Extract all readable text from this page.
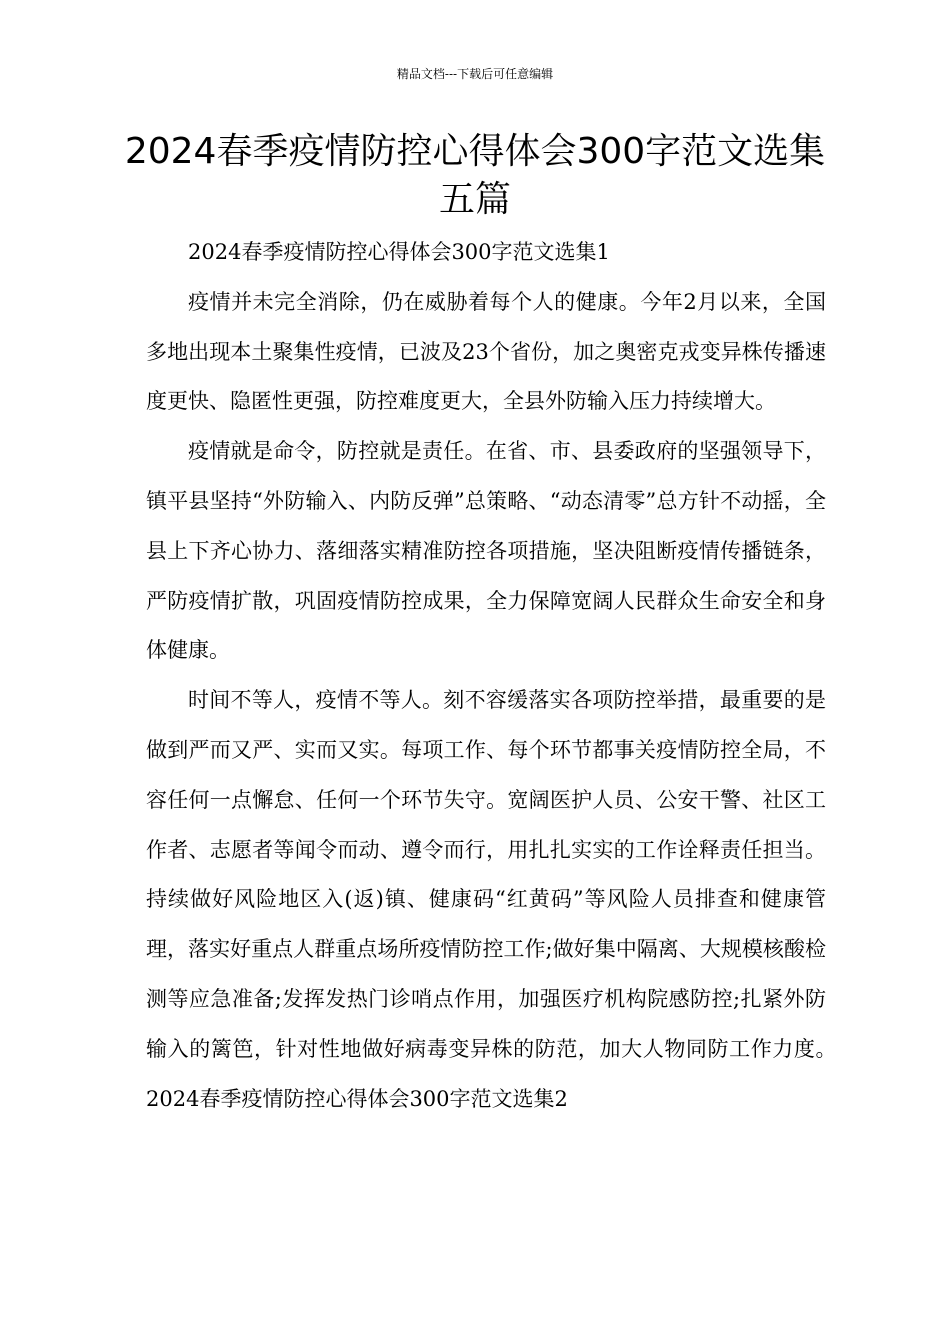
精品文档---下载后可任意编辑
2024春季疫情防控心得体会300字范文选集五篇

2024春季疫情防控心得体会300字范文选集1

疫情并未完全消除，仍在威胁着每个人的健康。今年2月以来，全国多地出现本土聚集性疫情，已波及23个省份，加之奥密克戎变异株传播速度更快、隐匿性更强，防控难度更大，全县外防输入压力持续增大。

疫情就是命令，防控就是责任。在省、市、县委政府的坚强领导下，镇平县坚持“外防输入、内防反弹”总策略、“动态清零”总方针不动摇，全县上下齐心协力、落细落实精准防控各项措施，坚决阻断疫情传播链条，严防疫情扩散，巩固疫情防控成果，全力保障宽阔人民群众生命安全和身体健康。

时间不等人，疫情不等人。刻不容缓落实各项防控举措，最重要的是做到严而又严、实而又实。每项工作、每个环节都事关疫情防控全局，不容任何一点懈怠、任何一个环节失守。宽阔医护人员、公安干警、社区工作者、志愿者等闻令而动、遵令而行，用扎扎实实的工作诠释责任担当。持续做好风险地区入(返)镇、健康码“红黄码”等风险人员排查和健康管理，落实好重点人群重点场所疫情防控工作;做好集中隔离、大规模核酸检测等应急准备;发挥发热门诊哨点作用，加强医疗机构院感防控;扎紧外防输入的篱笆，针对性地做好病毒变异株的防范，加大人物同防工作力度。　　2024春季疫情防控心得体会300字范文选集2
